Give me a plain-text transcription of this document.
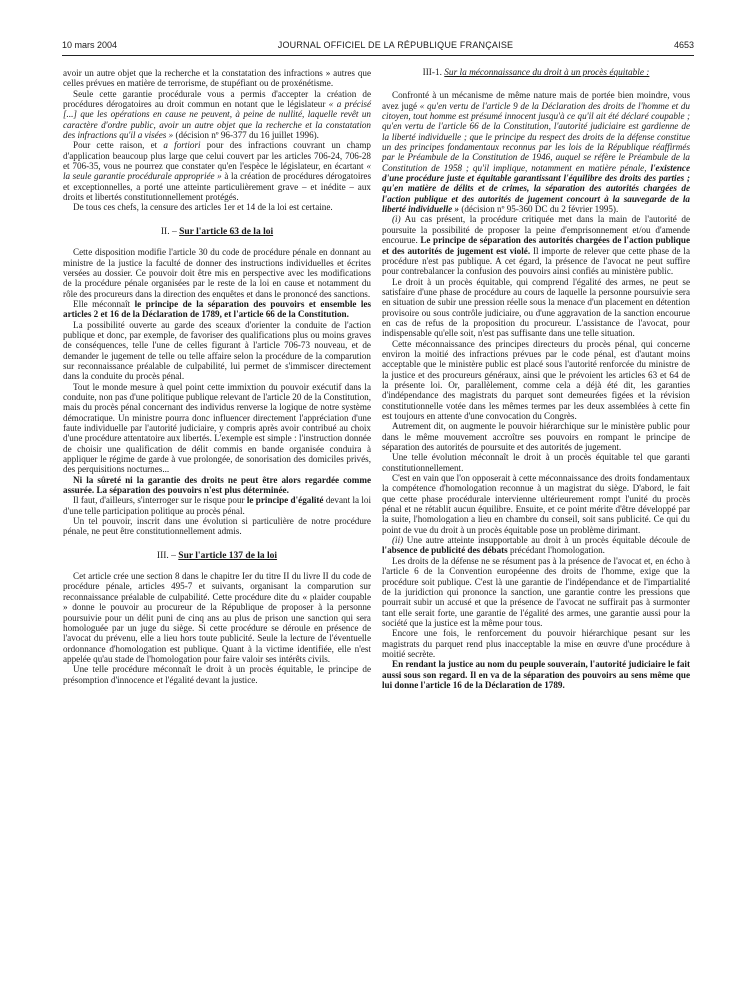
10 mars 2004	JOURNAL OFFICIEL DE LA RÉPUBLIQUE FRANÇAISE	4653

avoir un autre objet que la recherche et la constatation des infractions » autres que celles prévues en matière de terrorisme, de stupéfiant ou de proxénétisme.

Seule cette garantie procédurale vous a permis d'accepter la création de procédures dérogatoires au droit commun en notant que le législateur « a précisé [...] que les opérations en cause ne peuvent, à peine de nullité, laquelle revêt un caractère d'ordre public, avoir un autre objet que la recherche et la constatation des infractions qu'il a visées » (décision nº 96-377 du 16 juillet 1996).

Pour cette raison, et a fortiori pour des infractions couvrant un champ d'application beaucoup plus large que celui couvert par les articles 706-24, 706-28 et 706-35, vous ne pourrez que constater qu'en l'espèce le législateur, en écartant « la seule garantie procédurale appropriée » à la création de procédures dérogatoires et exceptionnelles, a porté une atteinte particulièrement grave – et inédite – aux droits et libertés constitutionnellement protégés.

De tous ces chefs, la censure des articles 1er et 14 de la loi est certaine.

II. – Sur l'article 63 de la loi

Cette disposition modifie l'article 30 du code de procédure pénale en donnant au ministre de la justice la faculté de donner des instructions individuelles et écrites versées au dossier. Ce pouvoir doit être mis en perspective avec les modifications de la procédure pénale organisées par le reste de la loi en cause et notamment du rôle des procureurs dans la direction des enquêtes et dans le prononcé des sanctions.

Elle méconnaît le principe de la séparation des pouvoirs et ensemble les articles 2 et 16 de la Déclaration de 1789, et l'article 66 de la Constitution.

La possibilité ouverte au garde des sceaux d'orienter la conduite de l'action publique et donc, par exemple, de favoriser des qualifications plus ou moins graves de conséquences, telle l'une de celles figurant à l'article 706-73 nouveau, et de demander le jugement de telle ou telle affaire selon la procédure de la comparution sur reconnaissance préalable de culpabilité, lui permet de s'immiscer directement dans la conduite du procès pénal.

Tout le monde mesure à quel point cette immixtion du pouvoir exécutif dans la conduite, non pas d'une politique publique relevant de l'article 20 de la Constitution, mais du procès pénal concernant des individus renverse la logique de notre système démocratique. Un ministre pourra donc influencer directement l'appréciation d'une faute individuelle par l'autorité judiciaire, y compris après avoir contribué au choix d'une procédure attentatoire aux libertés. L'exemple est simple : l'instruction donnée de choisir une qualification de délit commis en bande organisée conduira à appliquer le régime de garde à vue prolongée, de sonorisation des domiciles privés, des perquisitions nocturnes...

Ni la sûreté ni la garantie des droits ne peut être alors regardée comme assurée. La séparation des pouvoirs n'est plus déterminée.

Il faut, d'ailleurs, s'interroger sur le risque pour le principe d'égalité devant la loi d'une telle participation politique au procès pénal.

Un tel pouvoir, inscrit dans une évolution si particulière de notre procédure pénale, ne peut être constitutionnellement admis.

III. – Sur l'article 137 de la loi

Cet article crée une section 8 dans le chapitre Ier du titre II du livre II du code de procédure pénale, articles 495-7 et suivants, organisant la comparution sur reconnaissance préalable de culpabilité. Cette procédure dite du « plaider coupable » donne le pouvoir au procureur de la République de proposer à la personne poursuivie pour un délit puni de cinq ans au plus de prison une sanction qui sera homologuée par un juge du siège. Si cette procédure se déroule en présence de l'avocat du prévenu, elle a lieu hors toute publicité. Seule la lecture de l'éventuelle ordonnance d'homologation est publique. Quant à la victime identifiée, elle n'est appelée qu'au stade de l'homologation pour faire valoir ses intérêts civils.

Une telle procédure méconnaît le droit à un procès équitable, le principe de présomption d'innocence et l'égalité devant la justice.

III-1. Sur la méconnaissance du droit à un procès équitable :

Confronté à un mécanisme de même nature mais de portée bien moindre, vous avez jugé « qu'en vertu de l'article 9 de la Déclaration des droits de l'homme et du citoyen, tout homme est présumé innocent jusqu'à ce qu'il ait été déclaré coupable ; qu'en vertu de l'article 66 de la Constitution, l'autorité judiciaire est gardienne de la liberté individuelle ; que le principe du respect des droits de la défense constitue un des principes fondamentaux reconnus par les lois de la République réaffirmés par le Préambule de la Constitution de 1946, auquel se réfère le Préambule de la Constitution de 1958 ; qu'il implique, notamment en matière pénale, l'existence d'une procédure juste et équitable garantissant l'équilibre des droits des parties ; qu'en matière de délits et de crimes, la séparation des autorités chargées de l'action publique et des autorités de jugement concourt à la sauvegarde de la liberté individuelle » (décision nº 95-360 DC du 2 février 1995).

(i) Au cas présent, la procédure critiquée met dans la main de l'autorité de poursuite la possibilité de proposer la peine d'emprisonnement et/ou d'amende encourue. Le principe de séparation des autorités chargées de l'action publique et des autorités de jugement est violé. Il importe de relever que cette phase de la procédure n'est pas publique. A cet égard, la présence de l'avocat ne peut suffire pour contrebalancer la confusion des pouvoirs ainsi confiés au ministère public.

Le droit à un procès équitable, qui comprend l'égalité des armes, ne peut se satisfaire d'une phase de procédure au cours de laquelle la personne poursuivie sera en situation de subir une pression réelle sous la menace d'un placement en détention provisoire ou sous contrôle judiciaire, ou d'une aggravation de la sanction encourue en cas de refus de la proposition du procureur. L'assistance de l'avocat, pour indispensable qu'elle soit, n'est pas suffisante dans une telle situation.

Cette méconnaissance des principes directeurs du procès pénal, qui concerne environ la moitié des infractions prévues par le code pénal, est d'autant moins acceptable que le ministère public est placé sous l'autorité renforcée du ministre de la justice et des procureurs généraux, ainsi que le prévoient les articles 63 et 64 de la présente loi. Or, parallèlement, comme cela a déjà été dit, les garanties d'indépendance des magistrats du parquet sont demeurées figées et la révision constitutionnelle votée dans les mêmes termes par les deux assemblées à cette fin est toujours en attente d'une convocation du Congrès.

Autrement dit, on augmente le pouvoir hiérarchique sur le ministère public pour dans le même mouvement accroître ses pouvoirs en rompant le principe de séparation des autorités de poursuite et des autorités de jugement.

Une telle évolution méconnaît le droit à un procès équitable tel que garanti constitutionnellement.

C'est en vain que l'on opposerait à cette méconnaissance des droits fondamentaux la compétence d'homologation reconnue à un magistrat du siège. D'abord, le fait que cette phase procédurale intervienne ultérieurement rompt l'unité du procès pénal et ne rétablit aucun équilibre. Ensuite, et ce point mérite d'être développé par la suite, l'homologation a lieu en chambre du conseil, soit sans publicité. Ce qui du point de vue du droit à un procès équitable pose un problème dirimant.

(ii) Une autre atteinte insupportable au droit à un procès équitable découle de l'absence de publicité des débats précédant l'homologation.

Les droits de la défense ne se résument pas à la présence de l'avocat et, en écho à l'article 6 de la Convention européenne des droits de l'homme, exige que la procédure soit publique. C'est là une garantie de l'indépendance et de l'impartialité de la juridiction qui prononce la sanction, une garantie contre les pressions que pourrait subir un accusé et que la présence de l'avocat ne suffirait pas à surmonter tant elle serait forte, une garantie de l'égalité des armes, une garantie aussi pour la société que la justice est la même pour tous.

Encore une fois, le renforcement du pouvoir hiérarchique pesant sur les magistrats du parquet rend plus inacceptable la mise en œuvre d'une procédure à moitié secrète.

En rendant la justice au nom du peuple souverain, l'autorité judiciaire le fait aussi sous son regard. Il en va de la séparation des pouvoirs au sens même que lui donne l'article 16 de la Déclaration de 1789.
